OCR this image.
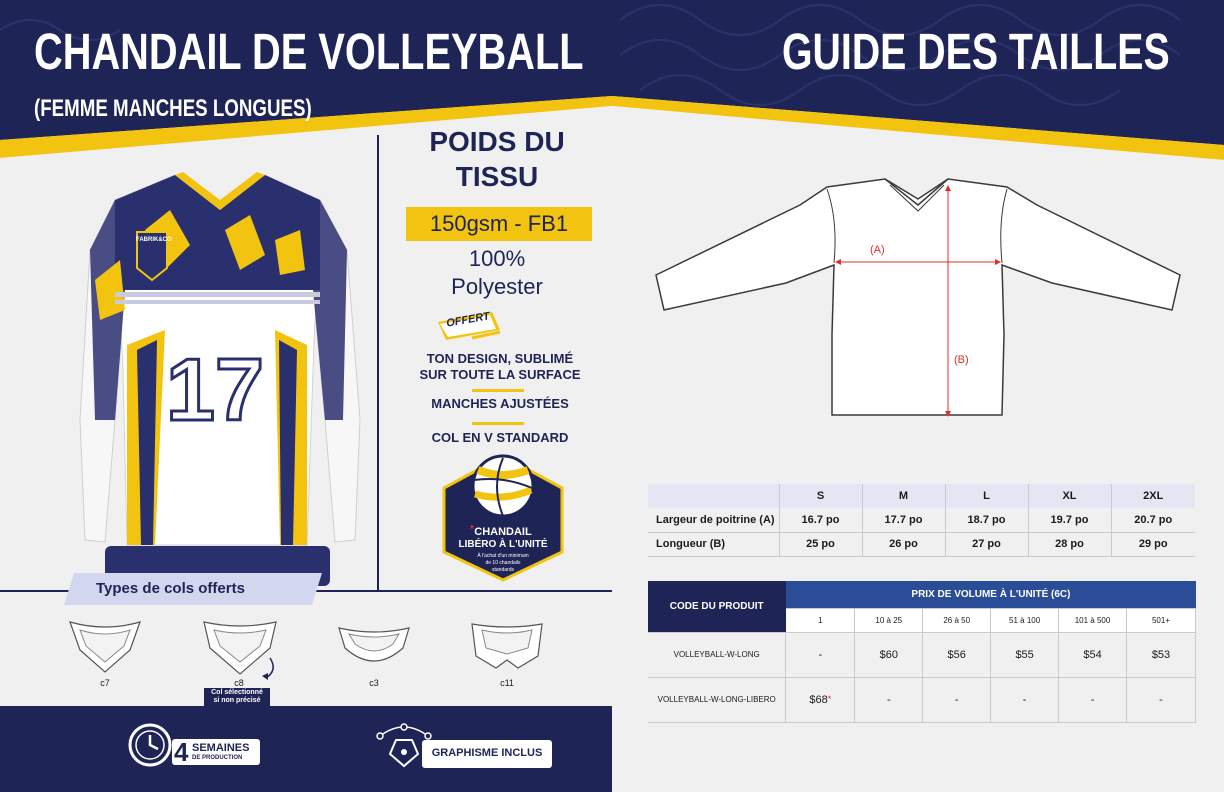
CHANDAIL DE VOLLEYBALL
(FEMME MANCHES LONGUES)
GUIDE DES TAILLES
FABRIK&CO
FABRIK&CO
17
POIDS DU
TISSU
150gsm - FB1
100%
Polyester
OFFERT
TON DESIGN, SUBLIMÉ
SUR TOUTE LA SURFACE
MANCHES AJUSTÉES
COL EN V STANDARD
* CHANDAIL
LIBÉRO À L'UNITÉ
À l'achat d'un minimum
de 10 chandails
standards
Types de cols offerts
c7	c8
Col sélectionné
si non précisé
c3	c11
4 SEMAINES
DE PRODUCTION	GRAPHISME INCLUS
(A)
(B)
	S	M	L	XL	2XL
Largeur de poitrine (A)	16.7 po	17.7 po	18.7 po	19.7 po	20.7 po
Longueur (B)	25 po	26 po	27 po	28 po	29 po
CODE DU PRODUIT	PRIX DE VOLUME À L'UNITÉ (6C)					
	1	10 à 25	26 à 50	51 à 100	101 à 500	501+
VOLLEYBALL-W-LONG	-	$60	$56	$55	$54	$53
VOLLEYBALL-W-LONG-LIBERO	$68*	-	-	-	-	-
